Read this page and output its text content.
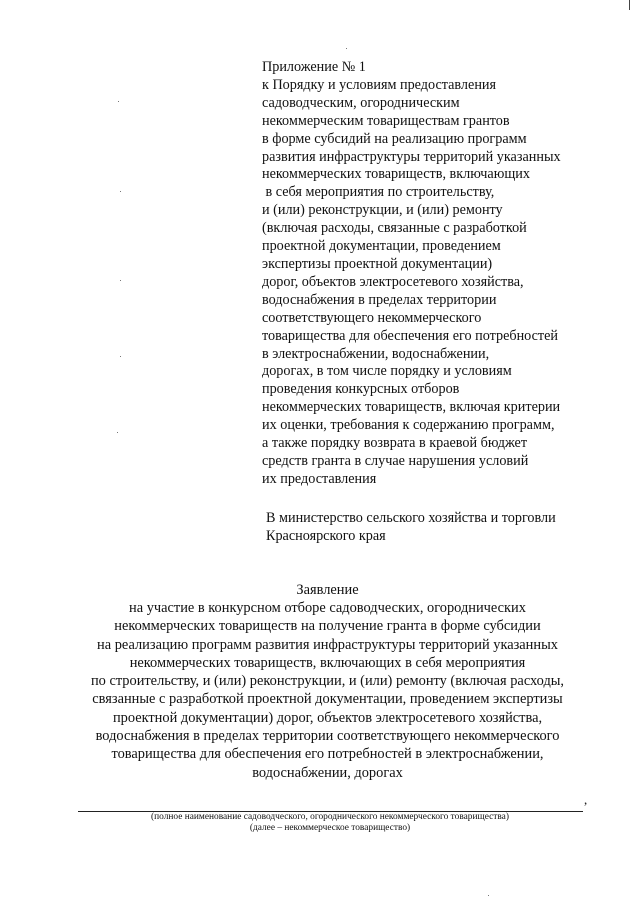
Приложение № 1
к Порядку и условиям предоставления
садоводческим, огородническим
некоммерческим товариществам грантов
в форме субсидий на реализацию программ
развития инфраструктуры территорий указанных
некоммерческих товариществ, включающих
в себя мероприятия по строительству,
и (или) реконструкции, и (или) ремонту
(включая расходы, связанные с разработкой
проектной документации, проведением
экспертизы проектной документации)
дорог, объектов электросетевого хозяйства,
водоснабжения в пределах территории
соответствующего некоммерческого
товарищества для обеспечения его потребностей
в электроснабжении, водоснабжении,
дорогах, в том числе порядку и условиям
проведения конкурсных отборов
некоммерческих товариществ, включая критерии
их оценки, требования к содержанию программ,
а также порядку возврата в краевой бюджет
средств гранта в случае нарушения условий
их предоставления
В министерство сельского хозяйства и торговли
Красноярского края
Заявление
на участие в конкурсном отборе садоводческих, огороднических
некоммерческих товариществ на получение гранта в форме субсидии
на реализацию программ развития инфраструктуры территорий указанных
некоммерческих товариществ, включающих в себя мероприятия
по строительству, и (или) реконструкции, и (или) ремонту (включая расходы,
связанные с разработкой проектной документации, проведением экспертизы
проектной документации) дорог, объектов электросетевого хозяйства,
водоснабжения в пределах территории соответствующего некоммерческого
товарищества для обеспечения его потребностей в электроснабжении,
водоснабжении, дорогах
,
(полное наименование садоводческого, огороднического некоммерческого товарищества)
(далее – некоммерческое товарищество)
